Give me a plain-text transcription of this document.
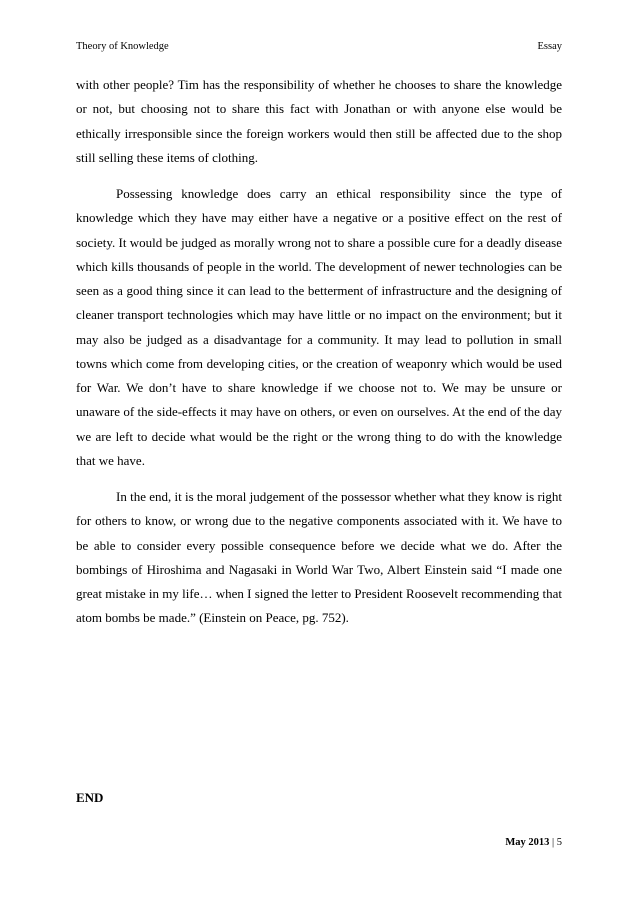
Theory of Knowledge	Essay

with other people? Tim has the responsibility of whether he chooses to share the knowledge or not, but choosing not to share this fact with Jonathan or with anyone else would be ethically irresponsible since the foreign workers would then still be affected due to the shop still selling these items of clothing.

Possessing knowledge does carry an ethical responsibility since the type of knowledge which they have may either have a negative or a positive effect on the rest of society. It would be judged as morally wrong not to share a possible cure for a deadly disease which kills thousands of people in the world. The development of newer technologies can be seen as a good thing since it can lead to the betterment of infrastructure and the designing of cleaner transport technologies which may have little or no impact on the environment; but it may also be judged as a disadvantage for a community. It may lead to pollution in small towns which come from developing cities, or the creation of weaponry which would be used for War. We don’t have to share knowledge if we choose not to. We may be unsure or unaware of the side-effects it may have on others, or even on ourselves. At the end of the day we are left to decide what would be the right or the wrong thing to do with the knowledge that we have.

In the end, it is the moral judgement of the possessor whether what they know is right for others to know, or wrong due to the negative components associated with it. We have to be able to consider every possible consequence before we decide what we do. After the bombings of Hiroshima and Nagasaki in World War Two, Albert Einstein said “I made one great mistake in my life… when I signed the letter to President Roosevelt recommending that atom bombs be made.” (Einstein on Peace, pg. 752).

END
May 2013 | 5
